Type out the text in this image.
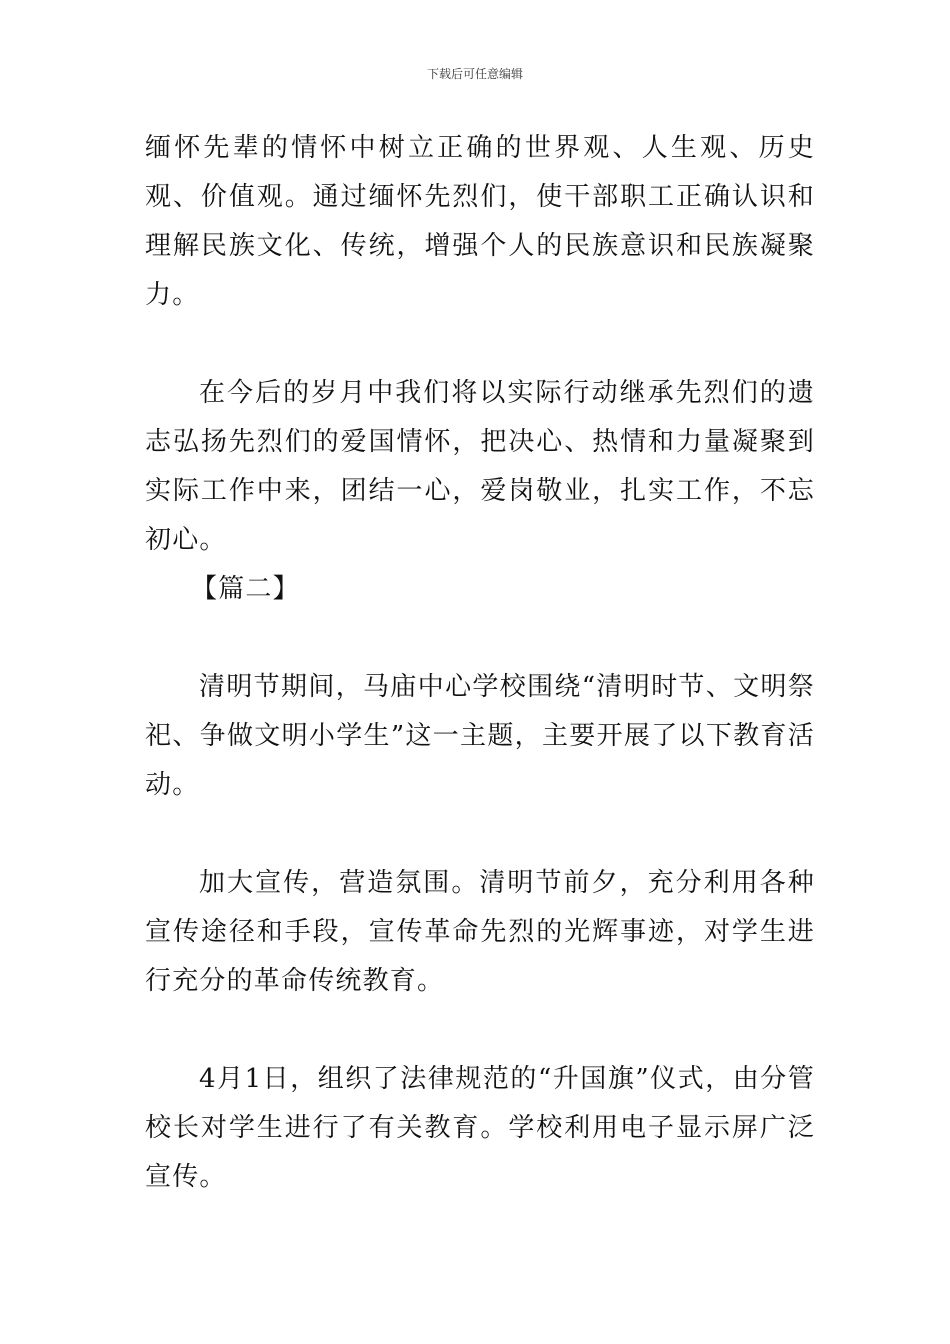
下载后可任意编辑

缅怀先辈的情怀中树立正确的世界观、人生观、历史观、价值观。通过缅怀先烈们，使干部职工正确认识和理解民族文化、传统，增强个人的民族意识和民族凝聚力。

在今后的岁月中我们将以实际行动继承先烈们的遗志弘扬先烈们的爱国情怀，把决心、热情和力量凝聚到实际工作中来，团结一心，爱岗敬业，扎实工作，不忘初心。

【篇二】

清明节期间，马庙中心学校围绕“清明时节、文明祭祀、争做文明小学生”这一主题，主要开展了以下教育活动。

加大宣传，营造氛围。清明节前夕，充分利用各种宣传途径和手段，宣传革命先烈的光辉事迹，对学生进行充分的革命传统教育。

4月1日，组织了法律规范的“升国旗”仪式，由分管校长对学生进行了有关教育。学校利用电子显示屏广泛宣传。
